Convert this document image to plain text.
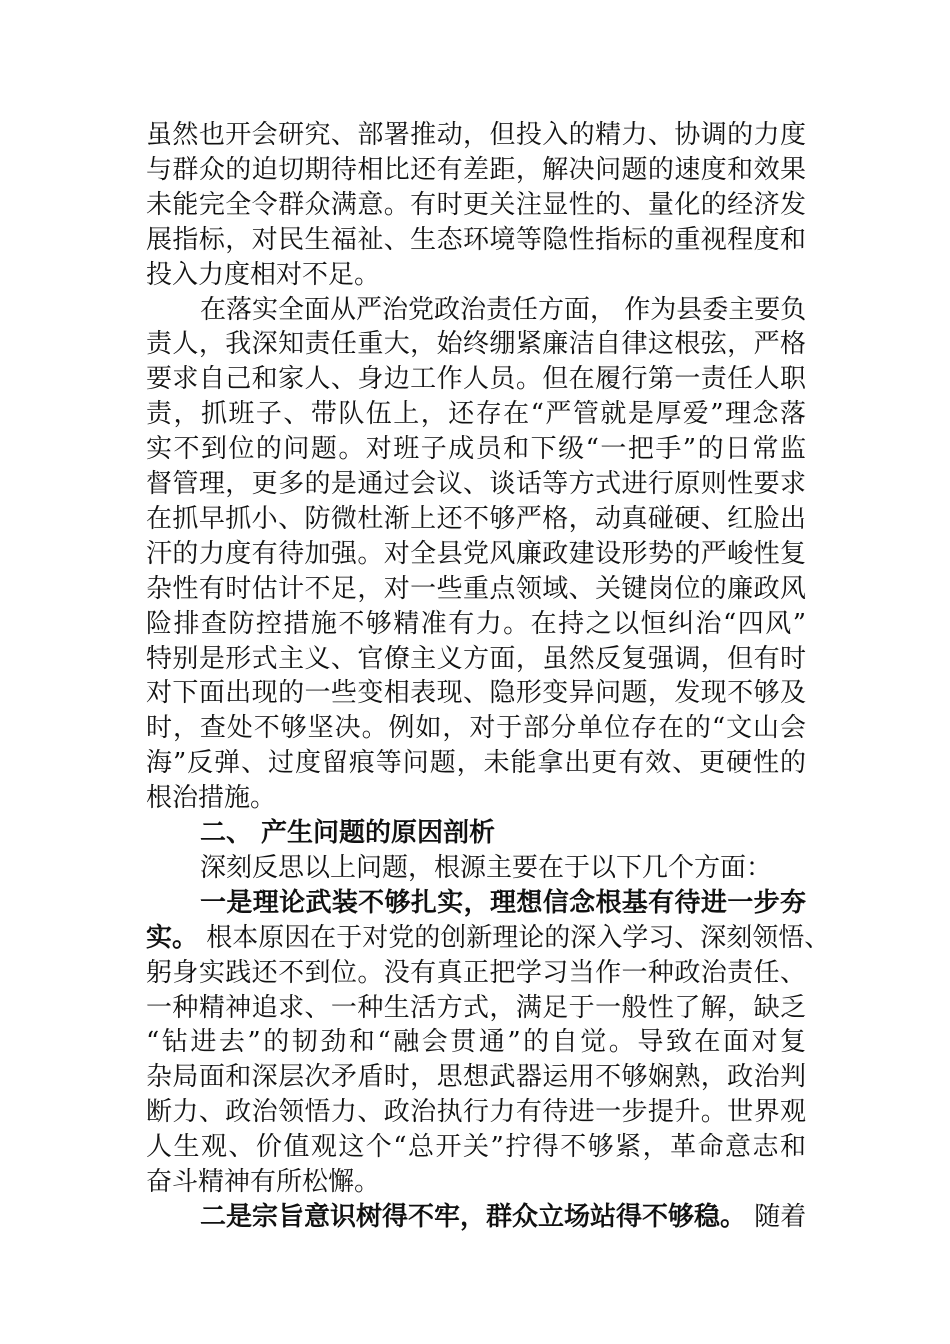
虽然也开会研究、部署推动，但投入的精力、协调的力度
与群众的迫切期待相比还有差距，解决问题的速度和效果
未能完全令群众满意。有时更关注显性的、量化的经济发
展指标，对民生福祉、生态环境等隐性指标的重视程度和
投入力度相对不足。
在落实全面从严治党政治责任方面， 作为县委主要负
责人，我深知责任重大，始终绷紧廉洁自律这根弦，严格
要求自己和家人、身边工作人员。但在履行第一责任人职
责，抓班子、带队伍上，还存在“严管就是厚爱”理念落
实不到位的问题。对班子成员和下级“一把手”的日常监
督管理，更多的是通过会议、谈话等方式进行原则性要求
在抓早抓小、防微杜渐上还不够严格，动真碰硬、红脸出
汗的力度有待加强。对全县党风廉政建设形势的严峻性复
杂性有时估计不足，对一些重点领域、关键岗位的廉政风
险排查防控措施不够精准有力。在持之以恒纠治“四风”
特别是形式主义、官僚主义方面，虽然反复强调，但有时
对下面出现的一些变相表现、隐形变异问题，发现不够及
时，查处不够坚决。例如，对于部分单位存在的“文山会
海”反弹、过度留痕等问题，未能拿出更有效、更硬性的
根治措施。
二、 产生问题的原因剖析
深刻反思以上问题，根源主要在于以下几个方面：
一是理论武装不够扎实，理想信念根基有待进一步夯
实。 根本原因在于对党的创新理论的深入学习、深刻领悟、
躬身实践还不到位。没有真正把学习当作一种政治责任、
一种精神追求、一种生活方式，满足于一般性了解，缺乏
“钻进去”的韧劲和“融会贯通”的自觉。导致在面对复
杂局面和深层次矛盾时，思想武器运用不够娴熟，政治判
断力、政治领悟力、政治执行力有待进一步提升。世界观
人生观、价值观这个“总开关”拧得不够紧，革命意志和
奋斗精神有所松懈。
二是宗旨意识树得不牢，群众立场站得不够稳。 随着
